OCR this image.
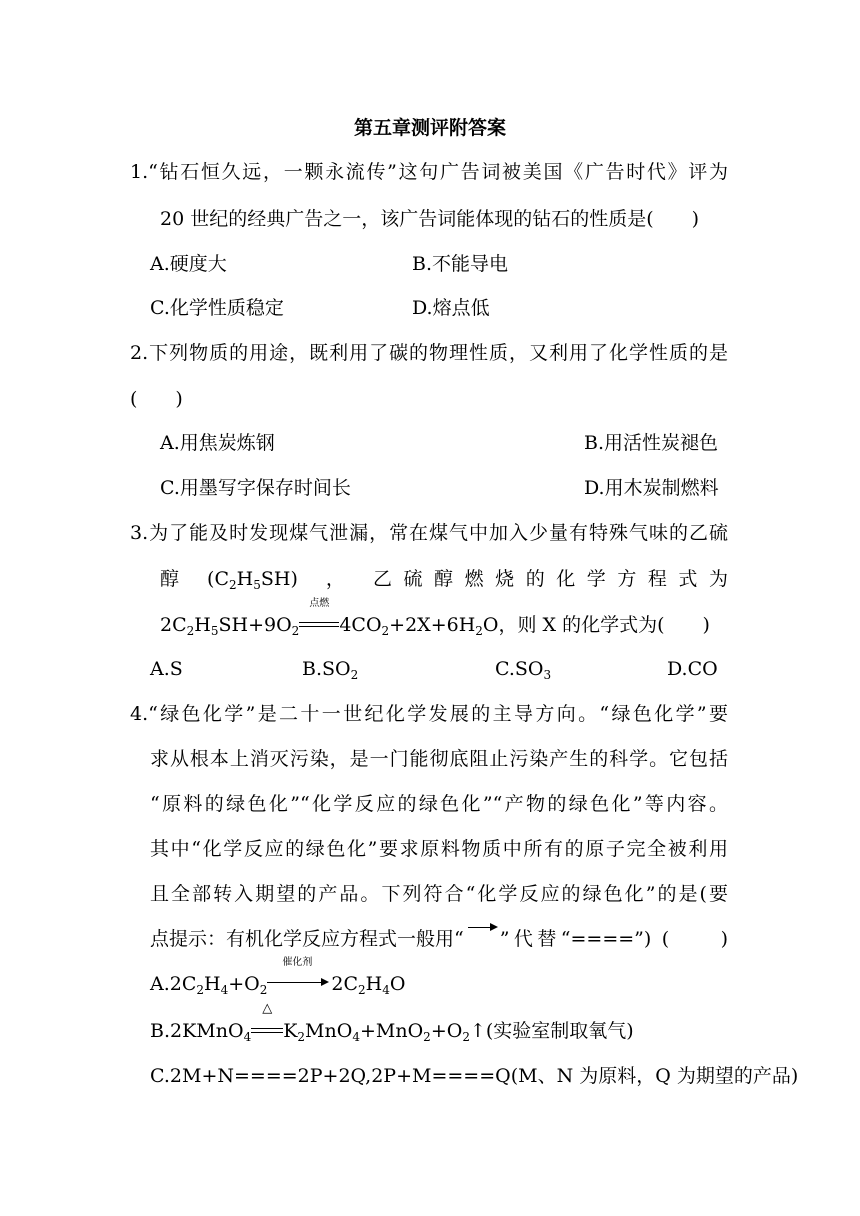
第五章测评附答案
1.“钻石恒久远，一颗永流传”这句广告词被美国《广告时代》评为
20 世纪的经典广告之一，该广告词能体现的钻石的性质是(　　)
A.硬度大	B.不能导电
C.化学性质稳定	D.熔点低
2.下列物质的用途，既利用了碳的物理性质，又利用了化学性质的是
(　　)
A.用焦炭炼钢	B.用活性炭褪色
C.用墨写字保存时间长	D.用木炭制燃料
3.为了能及时发现煤气泄漏，常在煤气中加入少量有特殊气味的乙硫
醇 $(C_2H_5SH)$ ， 乙硫醇燃烧的化学方程式为
$2C_2H_5SH+9O_2$
点燃
$4CO_2+2X+6H_2O$，则 X 的化学式为(　　)
A.S	$B.SO_2$	$C.SO_3$	D.CO
4.“绿色化学”是二十一世纪化学发展的主导方向。“绿色化学”要
求从根本上消灭污染，是一门能彻底阻止污染产生的科学。它包括
“原料的绿色化”“化学反应的绿色化”“产物的绿色化”等内容。
其中“化学反应的绿色化”要求原料物质中所有的原子完全被利用
且全部转入期望的产品。下列符合“化学反应的绿色化”的是(要
点提示：有机化学反应方程式一般用“ → ”代替“====”) (　　)
$A.2C_2H_4+O_2$
催化剂
$2C_2H_4O$
B.2KMnO$_4$
△
$K_2MnO_4+MnO_2+O_2↑$(实验室制取氧气)
C.2M+N====2P+2Q,2P+M====Q(M、N 为原料，Q 为期望的产品)
